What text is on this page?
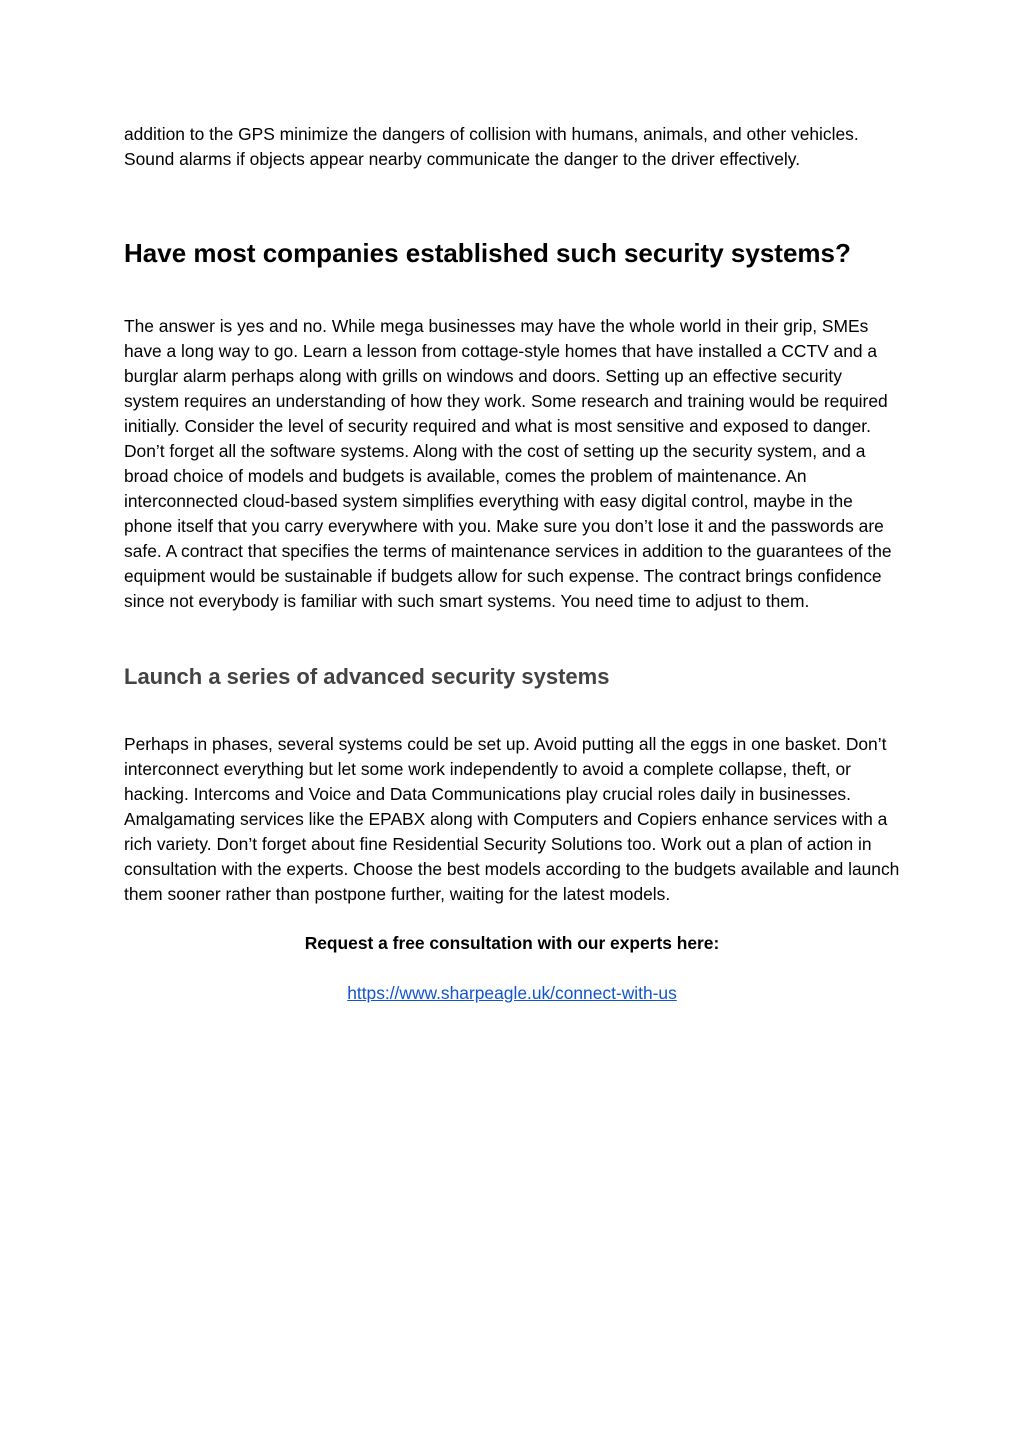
addition to the GPS minimize the dangers of collision with humans, animals, and other vehicles. Sound alarms if objects appear nearby communicate the danger to the driver effectively.

Have most companies established such security systems?

The answer is yes and no. While mega businesses may have the whole world in their grip, SMEs have a long way to go. Learn a lesson from cottage-style homes that have installed a CCTV and a burglar alarm perhaps along with grills on windows and doors. Setting up an effective security system requires an understanding of how they work. Some research and training would be required initially. Consider the level of security required and what is most sensitive and exposed to danger. Don’t forget all the software systems. Along with the cost of setting up the security system, and a broad choice of models and budgets is available, comes the problem of maintenance. An interconnected cloud-based system simplifies everything with easy digital control, maybe in the phone itself that you carry everywhere with you. Make sure you don’t lose it and the passwords are safe. A contract that specifies the terms of maintenance services in addition to the guarantees of the equipment would be sustainable if budgets allow for such expense. The contract brings confidence since not everybody is familiar with such smart systems. You need time to adjust to them.

Launch a series of advanced security systems

Perhaps in phases, several systems could be set up. Avoid putting all the eggs in one basket. Don’t interconnect everything but let some work independently to avoid a complete collapse, theft, or hacking. Intercoms and Voice and Data Communications play crucial roles daily in businesses. Amalgamating services like the EPABX along with Computers and Copiers enhance services with a rich variety. Don’t forget about fine Residential Security Solutions too. Work out a plan of action in consultation with the experts. Choose the best models according to the budgets available and launch them sooner rather than postpone further, waiting for the latest models.

Request a free consultation with our experts here:

https://www.sharpeagle.uk/connect-with-us
